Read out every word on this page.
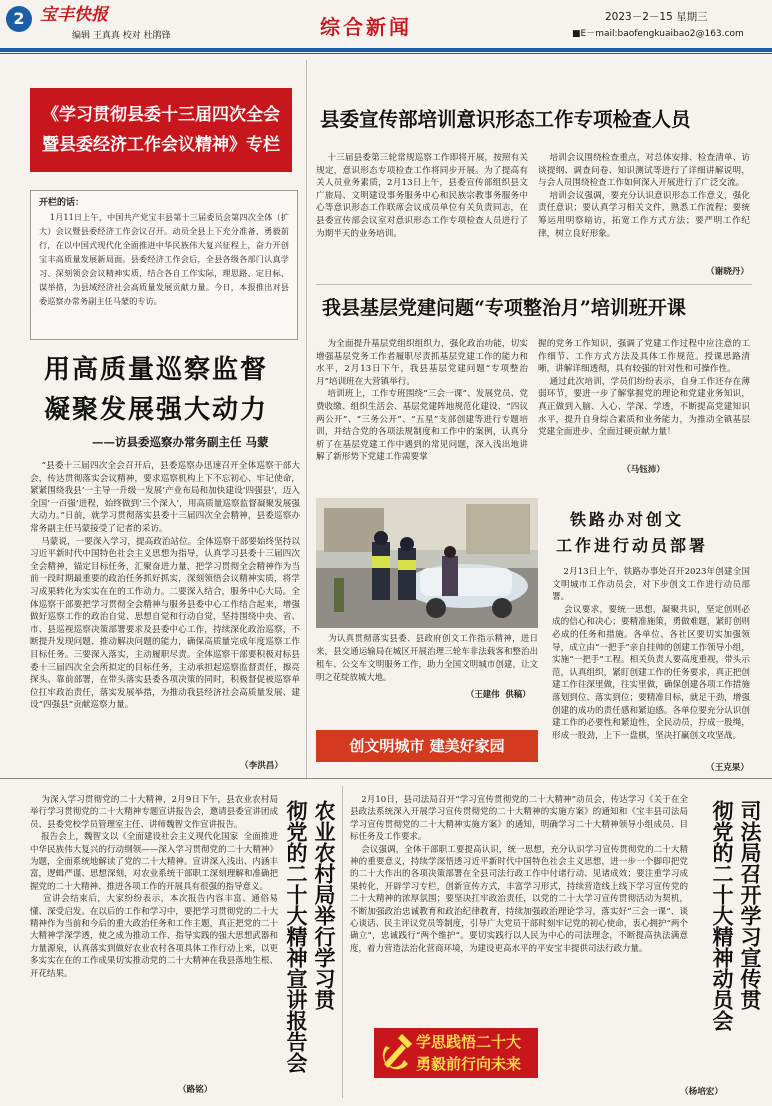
2 宝丰快报
编辑 王真真 校对 杜鹃锋	综合新闻	2023－2－15 星期三
■E－mail:baofengkuaibao2@163.com
《学习贯彻县委十三届四次全会
暨县委经济工作会议精神》专栏
开栏的话：
1月11日上午，中国共产党宝丰县第十三届委员会第四次全体（扩大）会议暨县委经济工作会议召开。动员全县上下充分准备、勇毅前行，在以中国式现代化全面推进中华民族伟大复兴征程上，奋力开创宝丰高质量发展新局面。县委经济工作会后，全县各级各部门认真学习、深刻领会会议精神实质，结合各自工作实际，理思路、定目标、谋举措，为县域经济社会高质量发展贡献力量。今日，本报推出对县委巡察办常务副主任马蒙的专访。
用高质量巡察监督
凝聚发展强大动力
——访县委巡察办常务副主任 马蒙
“县委十三届四次全会召开后，县委巡察办迅速召开全体巡察干部大会，传达贯彻落实会议精神，要求巡察机构上下不忘初心、牢记使命，紧紧围绕我县‘一主导一升级一发展’产业布局和加快建设‘四强县’，迈入全国‘一百强’进程，始终做到‘三个深入’，用高质量巡察监督凝聚发展强大动力。”日前，就学习贯彻落实县委十三届四次全会精神，县委巡察办常务副主任马蒙接受了记者的采访。
马蒙说，一要深入学习，提高政治站位。全体巡察干部要始终坚持以习近平新时代中国特色社会主义思想为指导，认真学习县委十三届四次全会精神，锚定目标任务，汇聚奋进力量，把学习贯彻全会精神作为当前一段时期最重要的政治任务抓好抓实，深刻领悟会议精神实质，将学习成果转化为实实在在的工作动力。二要深入结合，服务中心大局。全体巡察干部要把学习贯彻全会精神与服务县委中心工作结合起来，增强做好巡察工作的政治自觉、思想自觉和行动自觉，坚持围绕中央、省、市、县巡视巡察决策部署要求及县委中心工作，持续深化政治巡察，不断提升发现问题、推动解决问题的能力，确保高质量完成年度巡察工作目标任务。三要深入落实，主动履职尽责。全体巡察干部要积极对标县委十三届四次全会所拟定的目标任务，主动承担起巡察监督责任，擦亮探头、靠前部署，在带头落实县委各项决策的同时，积极督促被巡察单位扛牢政治责任，落实发展举措，为推动我县经济社会高质量发展、建设“四强县”贡献巡察力量。
（李洪昌）
县委宣传部培训意识形态工作专项检查人员
十三届县委第三轮常规巡察工作即将开展，按照有关规定，意识形态专项检查工作将同步开展。为了提高有关人员业务素质，2月13日上午，县委宣传部组织县文广旅局、文明建设事务服务中心和民族宗教事务服务中心等意识形态工作联席会议成员单位有关负责同志，在县委宣传部会议室对意识形态工作专项检查人员进行了为期半天的业务培训。
培训会议围绕检查重点，对总体安排、检查清单、访谈提纲、调查问卷、知识测试等进行了详细讲解说明，与会人员围绕检查工作如何深入开展进行了广泛交流。
培训会议强调，要充分认识意识形态工作意义，强化责任意识；要认真学习相关文件，熟悉工作流程；要统筹运用明察暗访，拓宽工作方式方法；要严明工作纪律，树立良好形象。
（谢晓丹）
我县基层党建问题“专项整治月”培训班开课
为全面提升基层党组织组织力，强化政治功能，切实增强基层党务工作者履职尽责抓基层党建工作的能力和水平，2月13日下午，我县基层党建问题“专项整治月”培训班在大营镇举行。
培训班上，工作专班围绕“三会一课”、发展党员、党费收缴、组织生活会、基层党建阵地规范化建设、“四议两公开”、“三务公开”、“五星”支部创建等进行专题培训，并结合党的各项法规制度和工作中的案例，认真分析了在基层党建工作中遇到的常见问题，深入浅出地讲解了新形势下党建工作需要掌
握的党务工作知识，强调了党建工作过程中应注意的工作细节、工作方式方法及具体工作规范。授课思路清晰，讲解详细透彻，具有较强的针对性和可操作性。
通过此次培训，学员们纷纷表示，自身工作还存在薄弱环节，要进一步了解掌握党的理论和党建业务知识，真正做到入脑、入心、学深、学透，不断提高党建知识水平，提升自身综合素质和业务能力，为推动全镇基层党建全面进步、全面过硬贡献力量！
（马钰沛）
为认真贯彻落实县委、县政府创文工作指示精神，进日来，县交通运输局在城区开展治理三轮车非法载客和整治出租车、公交车文明服务工作，助力全国文明城市创建，让文明之花绽放城大地。
（王建伟  供稿）
创文明城市 建美好家园
铁路办对创文
工作进行动员部署
2月13日上午，铁路办事处召开2023年创建全国文明城市工作动员会，对下步创文工作进行动员部署。
会议要求，要统一思想，凝聚共识，坚定创则必成的信心和决心；要精准施策，勇做难题，紧盯创则必成的任务和措施。各单位、各社区要切实加强领导，成立由“一把手”亲自挂帅的创建工作领导小组，实施“一把手”工程。相关负责人要高度重视，带头示范，认真组织，紧盯创建工作的任务要求，真正把创建工作往深里做，往实里做，确保创建各项工作措施落划到位、落实到位；要精准目标，就足干劲，增强创建的成功的责任感和紧迫感。各单位要充分认识创建工作的必要性和紧迫性，全民动员，拧成一股绳，形成一股劲，上下一盘棋，坚决打赢创文攻坚战。
（王克果）
为深入学习贯彻党的二十大精神，2月9日下午，县农业农村局举行学习贯彻党的二十大精神专题宣讲报告会，邀请县委宣讲团成员、县委党校学员管理室主任、讲师魏智文作宣讲报告。
报告会上，魏智文以《全面建设社会主义现代化国家  全面推进中华民族伟大复兴的行动纲领——深入学习贯彻党的二十大精神》为题，全面系统地解读了党的二十大精神。宣讲深入浅出、内涵丰富，逻辑严谨、思想深刻，对农业系统干部职工深刻理解和准确把握党的二十大精神、推进各项工作的开展具有很强的指导意义。
宣讲会结束后，大家纷纷表示，本次报告内容丰富、通俗易懂、深受启发。在以后的工作和学习中，要把学习贯彻党的二十大精神作为当前和今后的重大政治任务和工作主题，真正把党的二十大精神学深学透，使之成为推动工作、指导实践的强大思想武器和力量源泉，认真落实到做好农业农村各项具体工作行动上来，以更多实实在在的工作成果切实推动党的二十大精神在我县落地生根、开花结果。
（路铭）
农业农村局举行学习贯
彻党的二十大精神宣讲报告会	2月10日，县司法局召开“学习宣传贯彻党的二十大精神”动员会，传达学习《关于在全县政法系统深入开展学习宣传贯彻党的二十大精神的实施方案》的通知和《宝丰县司法局学习宣传贯彻党的二十大精神实施方案》的通知，明确学习二十大精神领导小组成员、目标任务及工作要求。
会议强调，全体干部职工要提高认识，统一思想，充分认识学习宣传贯彻党的二十大精神的重要意义，持续学深悟透习近平新时代中国特色社会主义思想，进一步一个脚印把党的二十大作出的各项决策部署在全县司法行政工作中付诸行动、见诸成效；要注重学习成果转化，开辟学习专栏，创新宣传方式，丰富学习形式，持续营造线上线下学习宣传党的二十大精神的浓厚氛围；要坚决扛牢政治责任，以党的二十大学习宣传贯彻活动为契机，不断加强政治忠诚教育和政治纪律教育，持续加强政治理论学习，落实好“三会一课”、谈心谈话、民主评议党员等制度，引导广大党员干部时刻牢记党的初心使命，衷心拥护“两个确立”，忠诚践行“两个维护”。要切实践行以人民为中心的司法理念，不断提高执法满意度，着力营造法治化营商环境，为建设更高水平的平安宝丰提供司法行政力量。
（杨培宏）
司法局召开学习宣传贯
彻党的二十大精神动员会
学思践悟二十大
勇毅前行向未来
